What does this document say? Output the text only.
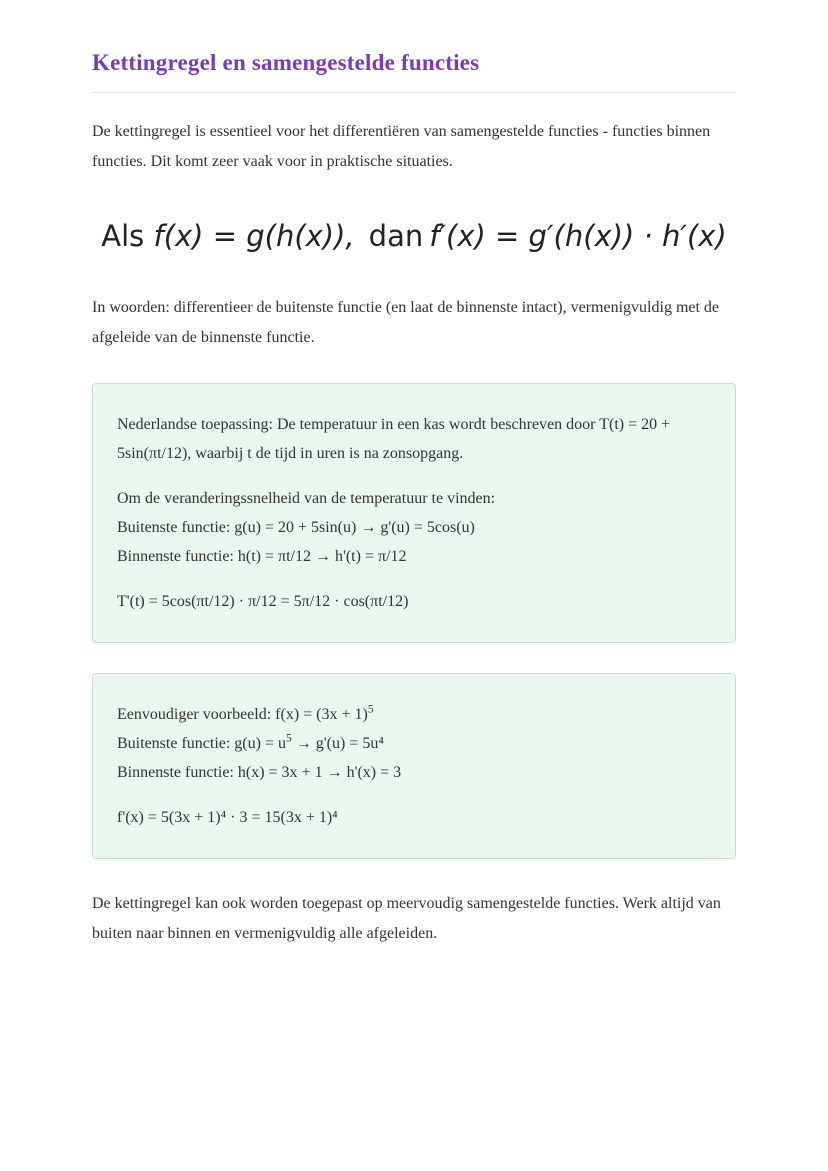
Kettingregel en samengestelde functies

De kettingregel is essentieel voor het differentiëren van samengestelde functies - functies binnen functies. Dit komt zeer vaak voor in praktische situaties.

Als f(x) = g(h(x)), dan f′(x) = g′(h(x)) · h′(x)

In woorden: differentieer de buitenste functie (en laat de binnenste intact), vermenigvuldig met de afgeleide van de binnenste functie.

Nederlandse toepassing: De temperatuur in een kas wordt beschreven door T(t) = 20 + 5sin(πt/12), waarbij t de tijd in uren is na zonsopgang.

Om de veranderingssnelheid van de temperatuur te vinden:
Buitenste functie: g(u) = 20 + 5sin(u) → g'(u) = 5cos(u)
Binnenste functie: h(t) = πt/12 → h'(t) = π/12

T'(t) = 5cos(πt/12) · π/12 = 5π/12 · cos(πt/12)

Eenvoudiger voorbeeld: $f(x) = (3x + 1)^5$
Buitenste functie: $g(u) = u^5 \to g'(u) = 5u^4$
Binnenste functie: h(x) = 3x + 1 → h'(x) = 3

f'(x) = 5(3x + 1)⁴ · 3 = 15(3x + 1)⁴

De kettingregel kan ook worden toegepast op meervoudig samengestelde functies. Werk altijd van buiten naar binnen en vermenigvuldig alle afgeleiden.
